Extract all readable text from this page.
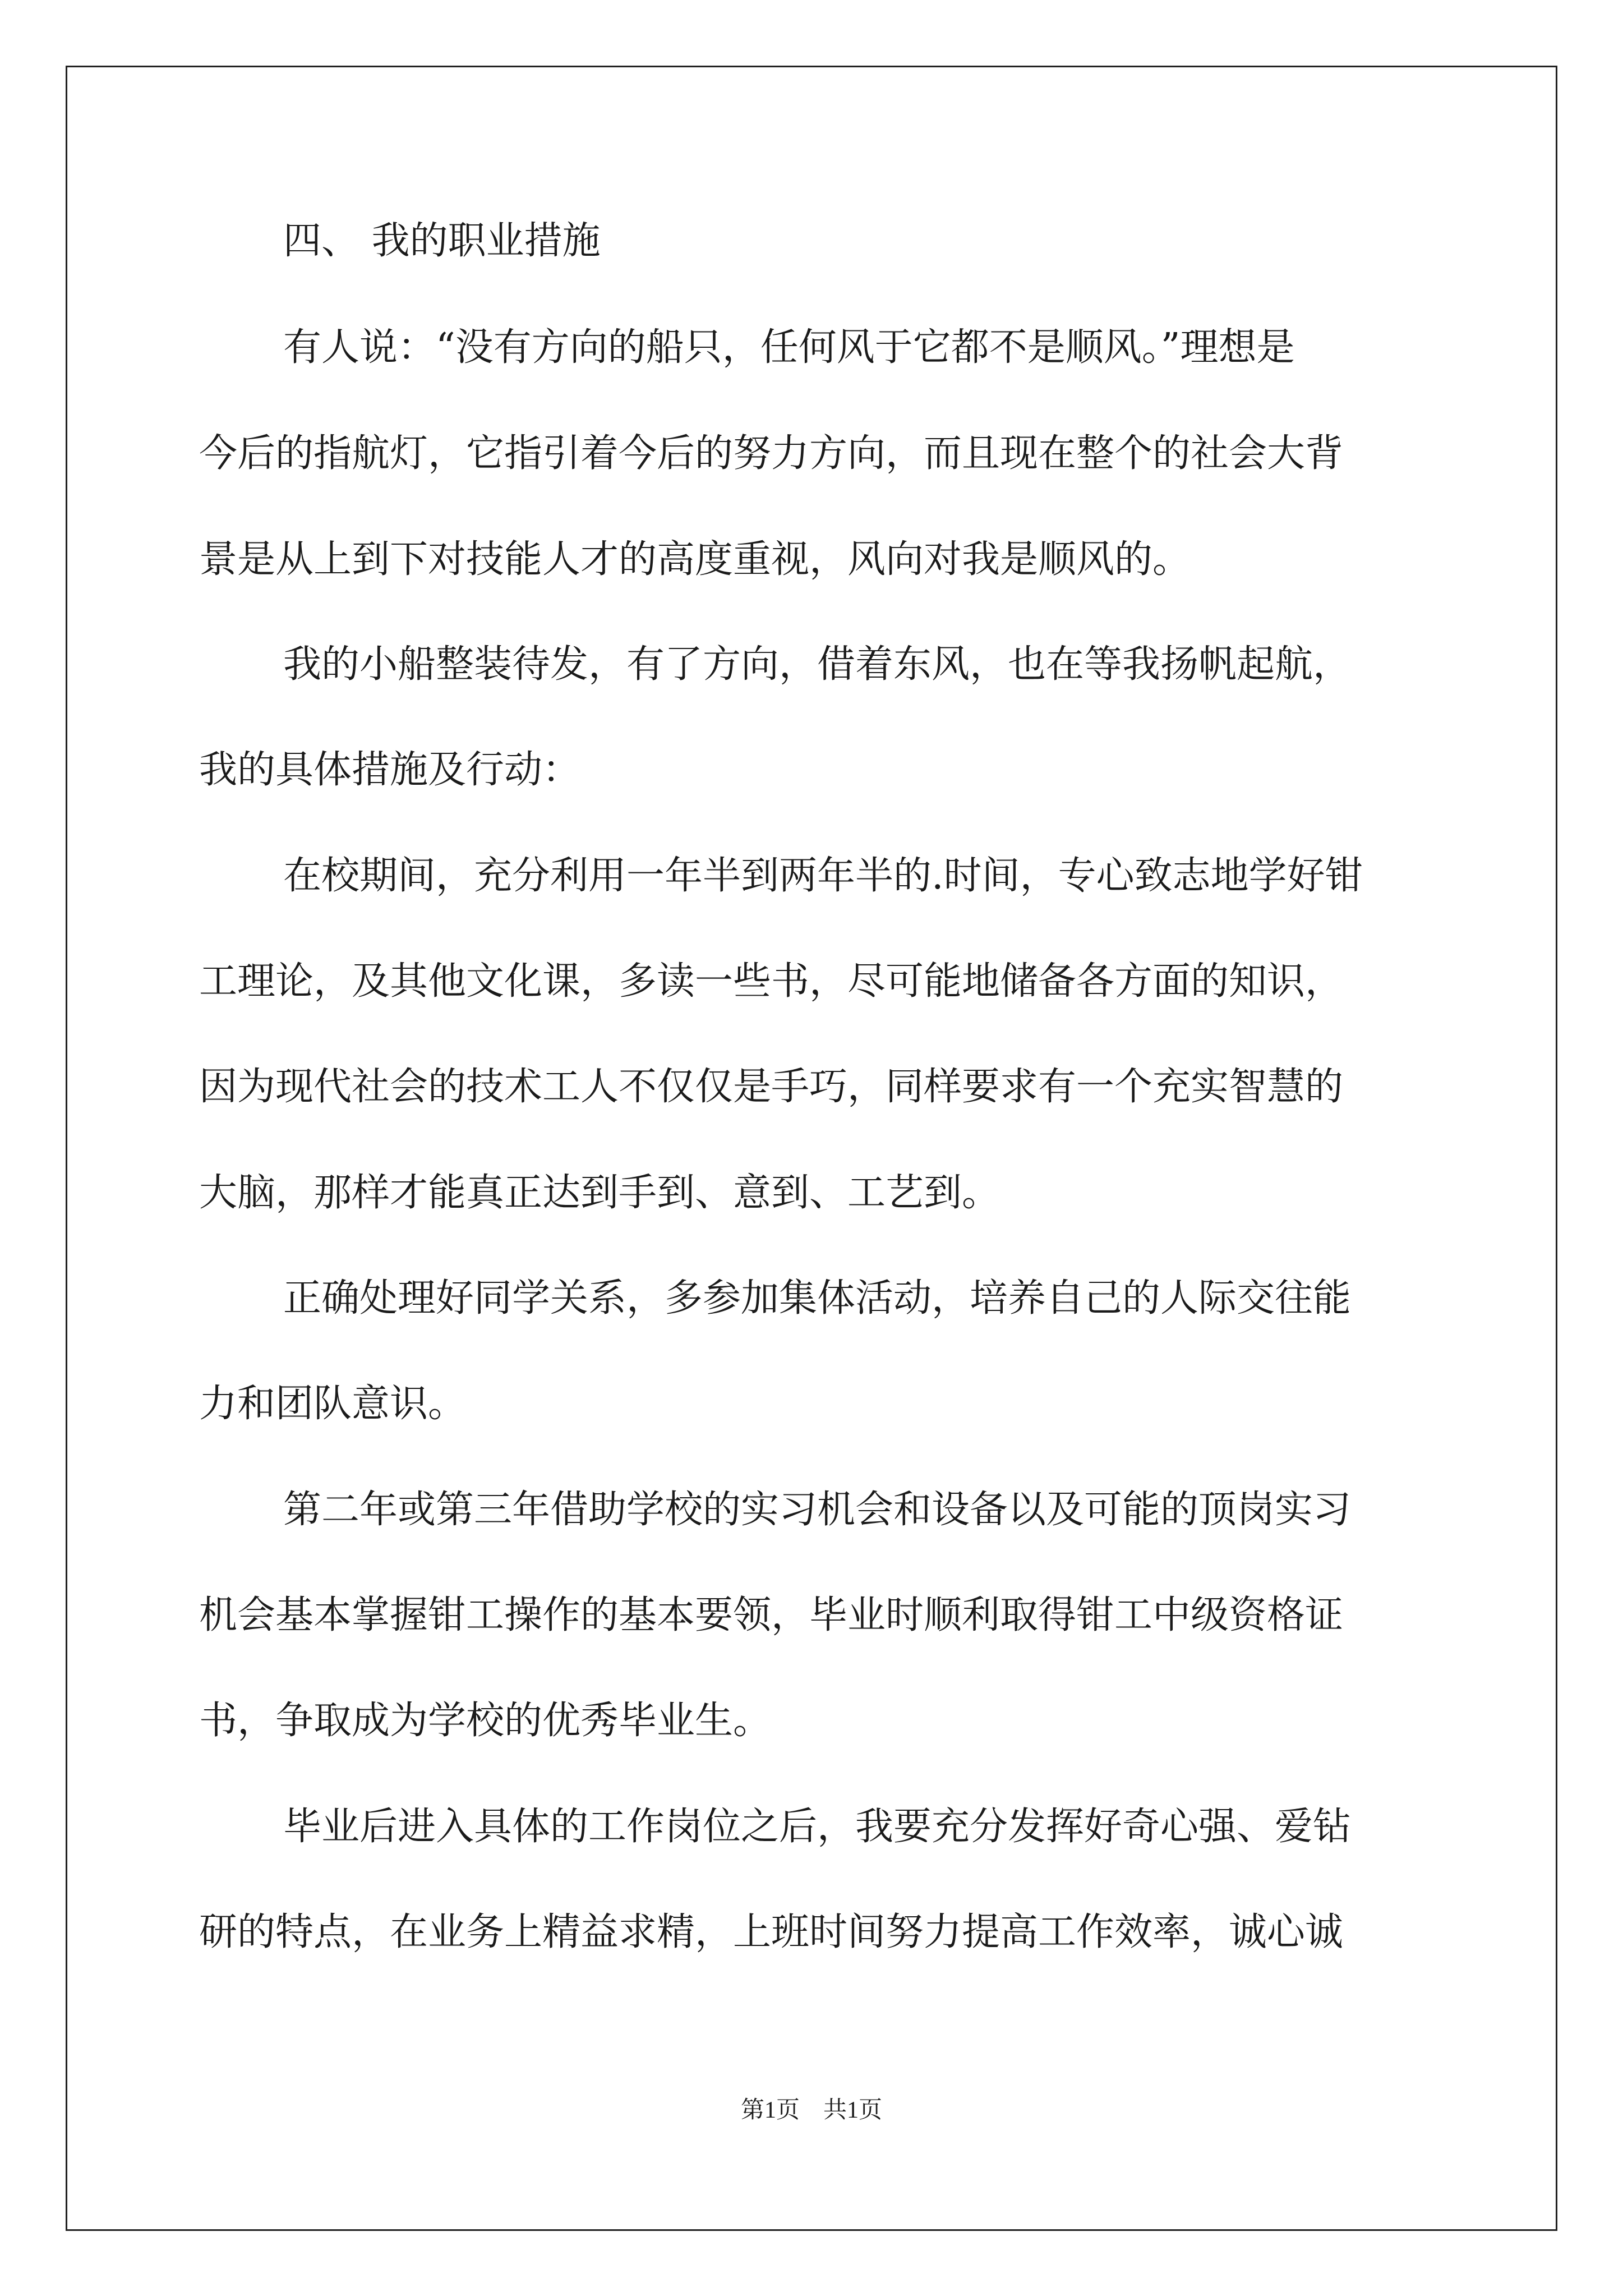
四、 我的职业措施
有人说：“没有方向的船只，任何风于它都不是顺风。”理想是
今后的指航灯，它指引着今后的努力方向，而且现在整个的社会大背
景是从上到下对技能人才的高度重视，风向对我是顺风的。
我的小船整装待发，有了方向，借着东风，也在等我扬帆起航，
我的具体措施及行动：
在校期间，充分利用一年半到两年半的.时间，专心致志地学好钳
工理论，及其他文化课，多读一些书，尽可能地储备各方面的知识，
因为现代社会的技术工人不仅仅是手巧，同样要求有一个充实智慧的
大脑，那样才能真正达到手到、意到、工艺到。
正确处理好同学关系，多参加集体活动，培养自己的人际交往能
力和团队意识。
第二年或第三年借助学校的实习机会和设备以及可能的顶岗实习
机会基本掌握钳工操作的基本要领，毕业时顺利取得钳工中级资格证
书，争取成为学校的优秀毕业生。
毕业后进入具体的工作岗位之后，我要充分发挥好奇心强、爱钻
研的特点，在业务上精益求精，上班时间努力提高工作效率，诚心诚
第1页　共1页
